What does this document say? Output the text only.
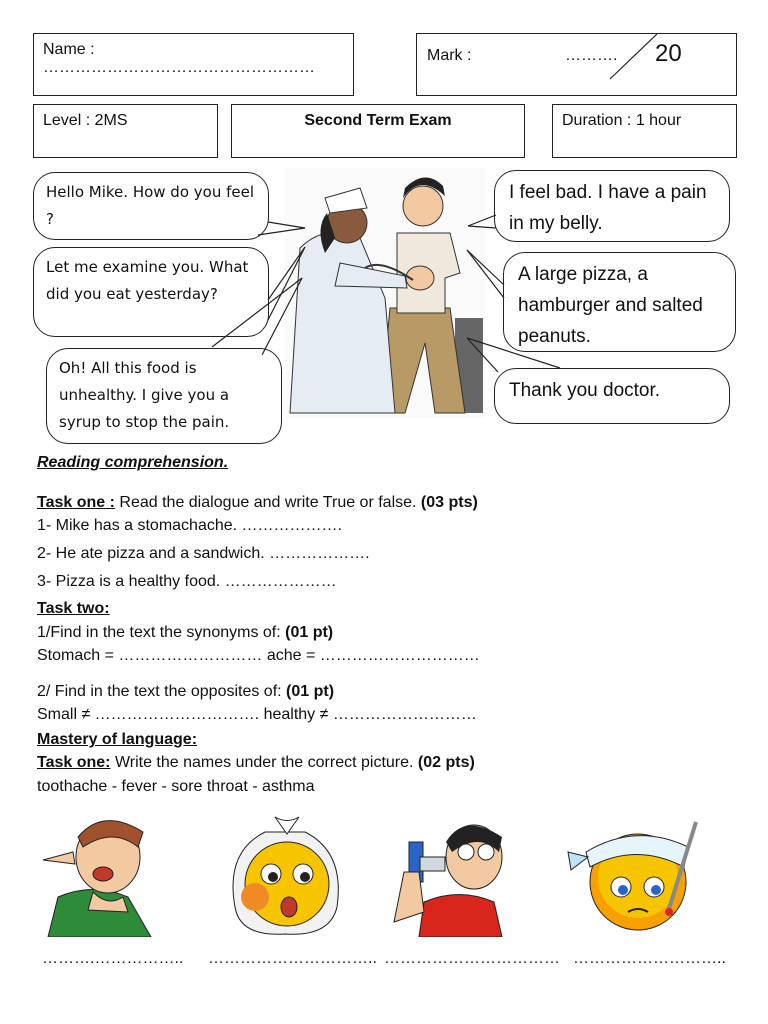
Name : ……………………………………………
Mark :	………. 20
Level : 2MS	Second Term Exam	Duration : 1 hour
Hello Mike. How do you feel ?
Let me examine you. What did you eat yesterday?
Oh! All this food is unhealthy. I give you a syrup to stop the pain.
I feel bad. I have a pain in my belly.
A large pizza, a hamburger and salted peanuts.
Thank you doctor.
Reading comprehension.
Task one : Read the dialogue and write True or false. (03 pts)
1- Mike has a stomachache. ……………….
2- He ate pizza and a sandwich. ……………….
3- Pizza is a healthy food. …………………
Task two:
1/Find in the text the synonyms of: (01 pt)
Stomach = ……………………… ache = …………………………
2/ Find in the text the opposites of: (01 pt)
Small ≠ …………………………. healthy ≠ ………………………
Mastery of language:
Task one: Write the names under the correct picture. (02 pts)
toothache - fever - sore throat - asthma
……….…………….. ………………………….. …………………………… ………………………..
